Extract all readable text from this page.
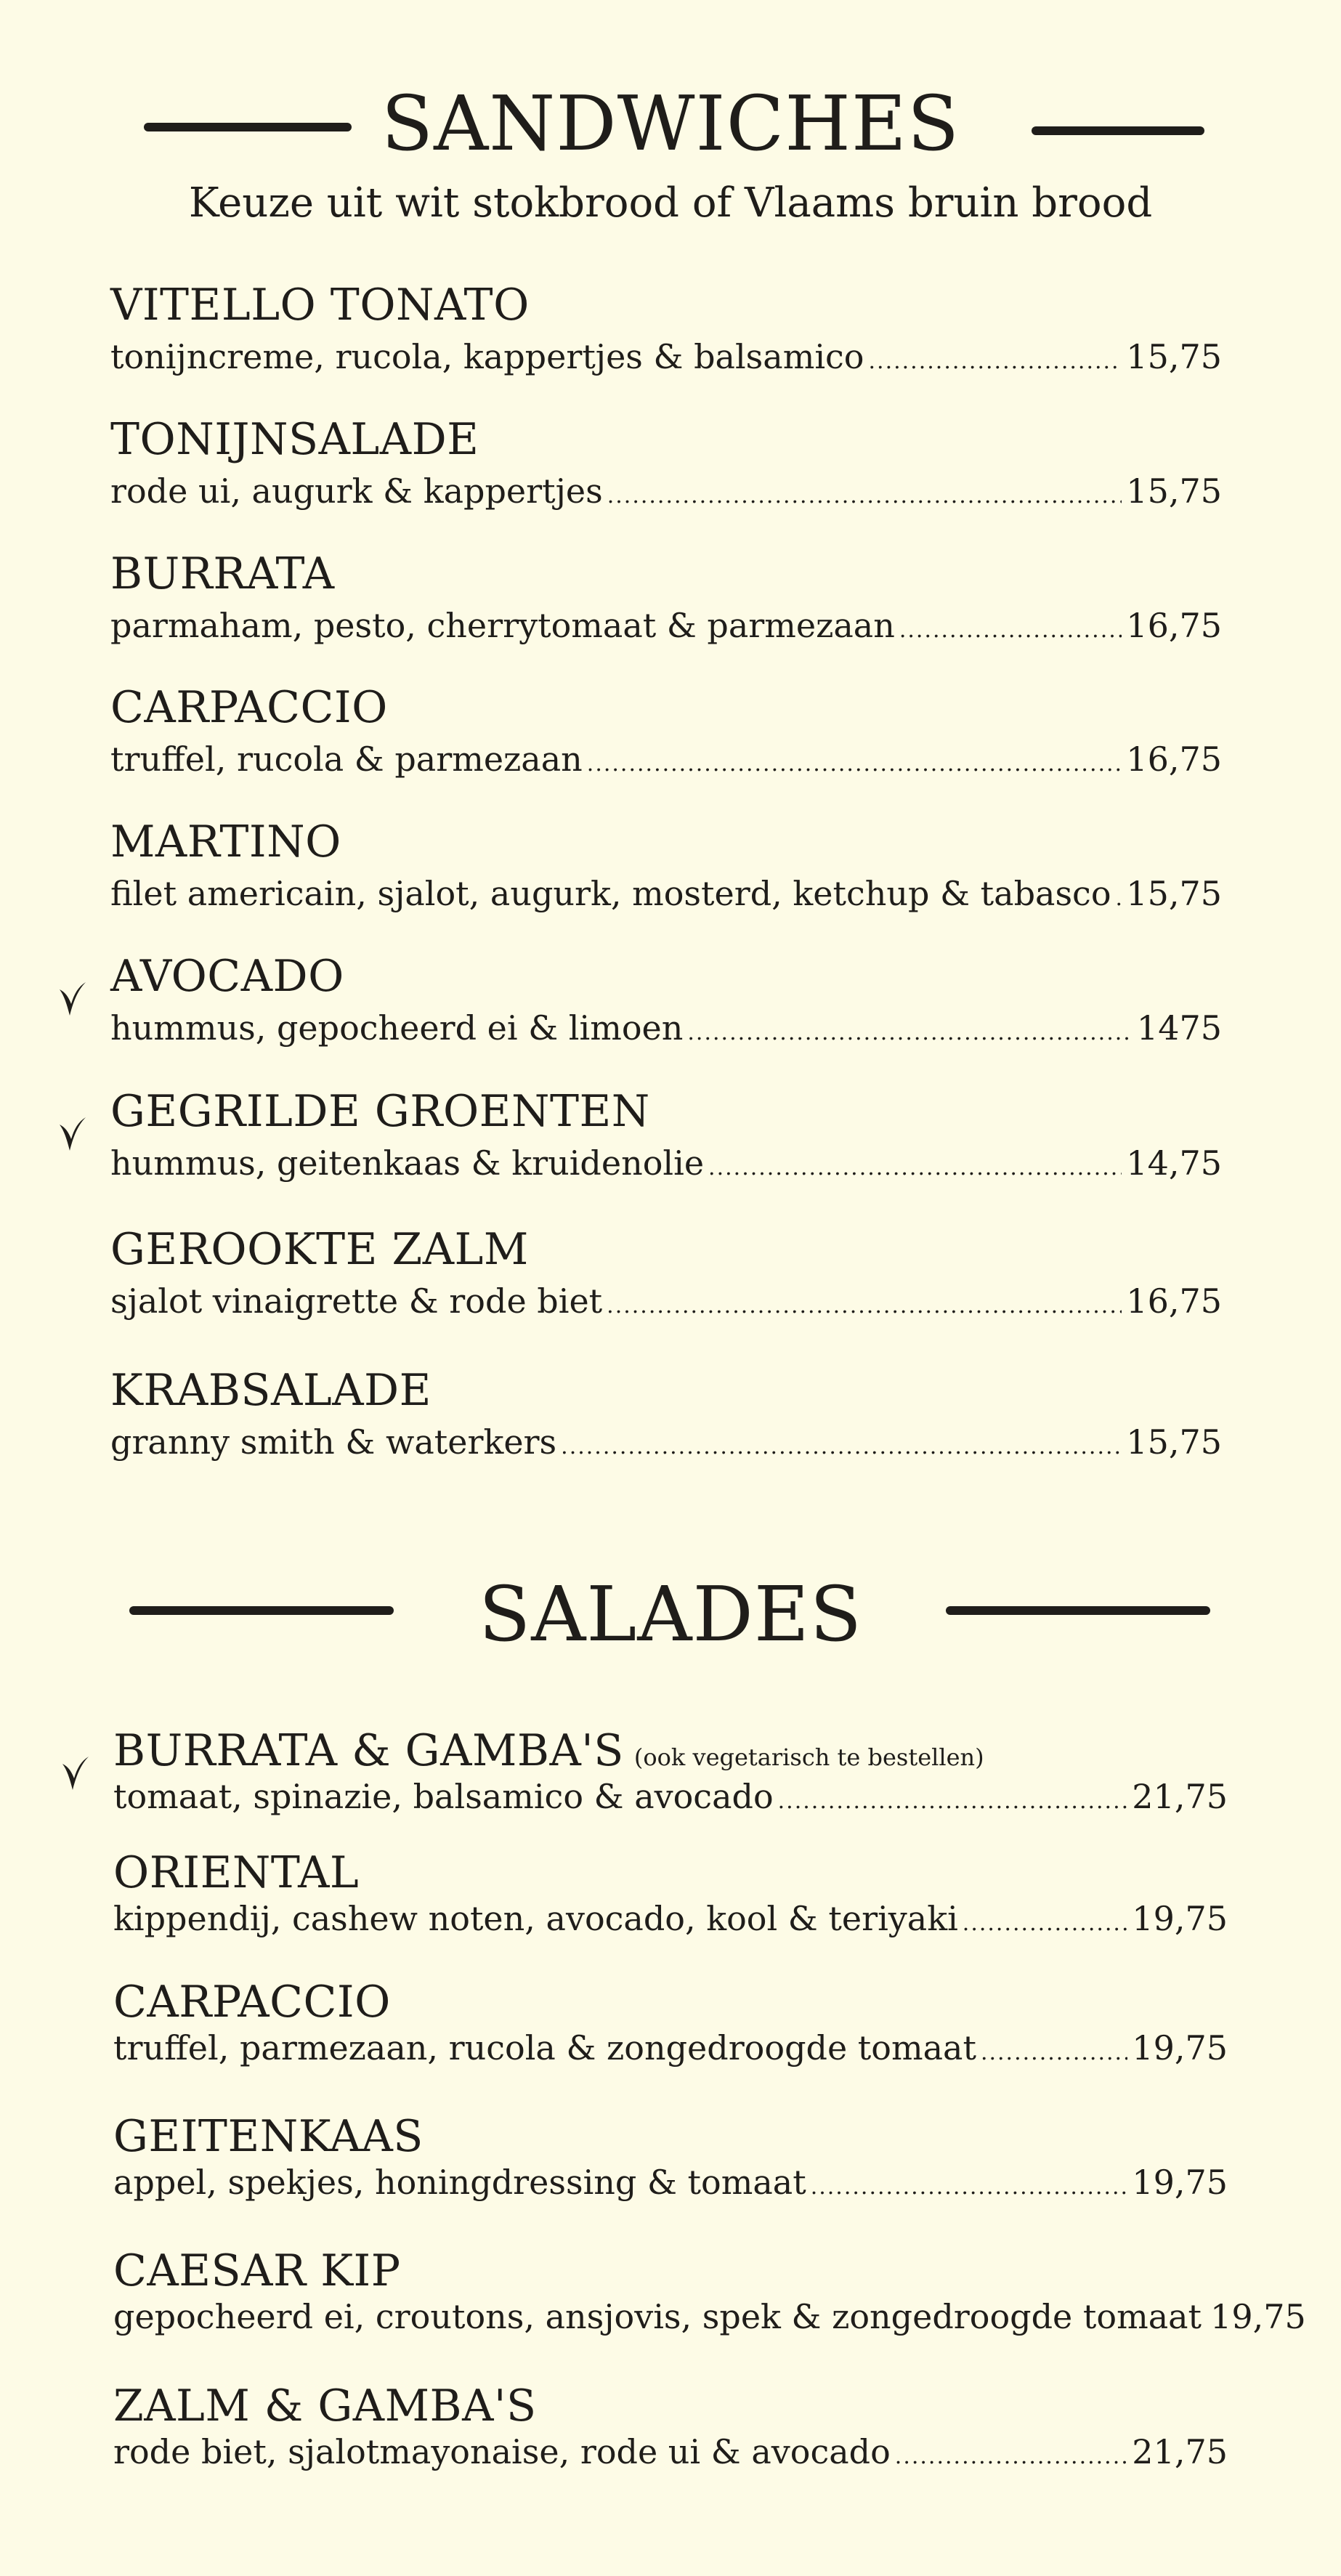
SANDWICHES
Keuze uit wit stokbrood of Vlaams bruin brood
VITELLO TONATO
tonijncreme, rucola, kappertjes & balsamico .....	15,75
TONIJNSALADE
rode ui, augurk & kappertjes .....	15,75
BURRATA
parmaham, pesto, cherrytomaat & parmezaan .....	16,75
CARPACCIO
truffel, rucola & parmezaan .....	16,75
MARTINO
filet americain, sjalot, augurk, mosterd, ketchup & tabasco ..... 15,75
AVOCADO
hummus, gepocheerd ei & limoen .....	1475
GEGRILDE GROENTEN
hummus, geitenkaas & kruidenolie .....	14,75
GEROOKTE ZALM
sjalot vinaigrette & rode biet .....	16,75
KRABSALADE
granny smith & waterkers .....	15,75
SALADES
BURRATA & GAMBA'S (ook vegetarisch te bestellen)
tomaat, spinazie, balsamico & avocado .....	21,75
ORIENTAL
kippendij, cashew noten, avocado, kool & teriyaki .....	19,75
CARPACCIO
truffel, parmezaan, rucola & zongedroogde tomaat .....	19,75
GEITENKAAS
appel, spekjes, honingdressing & tomaat .....	19,75
CAESAR KIP
gepocheerd ei, croutons, ansjovis, spek & zongedroogde tomaat 19,75
ZALM & GAMBA'S
rode biet, sjalotmayonaise, rode ui & avocado .....	21,75
